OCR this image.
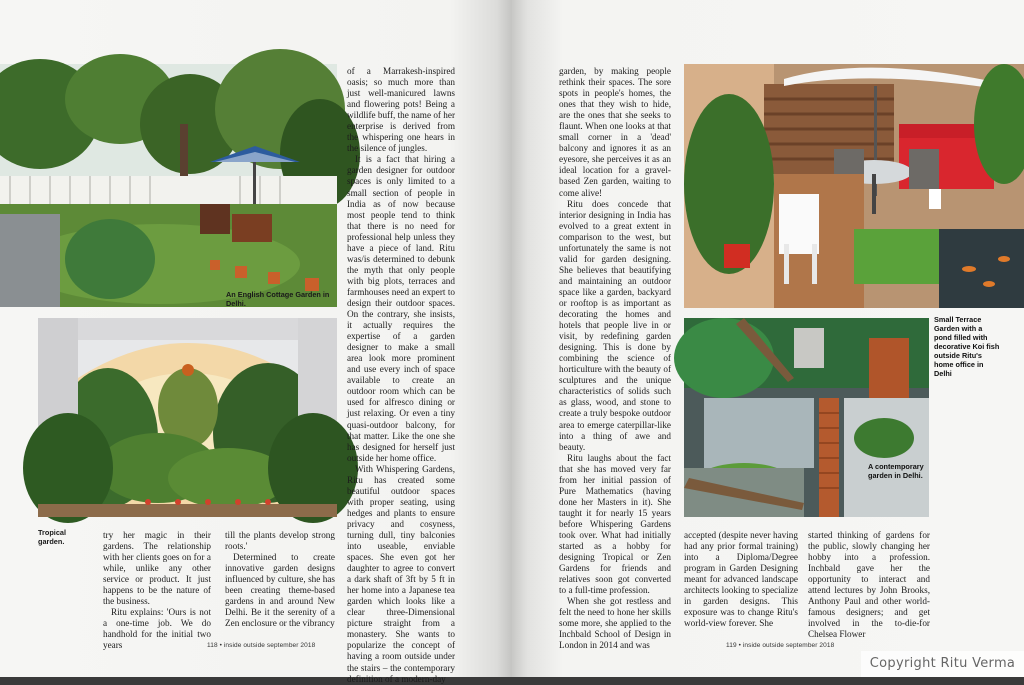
An English Cottage Garden in Delhi.
Tropical garden.

of a Marrakesh-inspired oasis; so much more than just well-manicured lawns and flowering pots! Being a wildlife buff, the name of her enterprise is derived from the whispering one hears in the silence of jungles.

It is a fact that hiring a garden designer for outdoor spaces is only limited to a small section of people in India as of now because most people tend to think that there is no need for professional help unless they have a piece of land. Ritu was/is determined to debunk the myth that only people with big plots, terraces and farmhouses need an expert to design their outdoor spaces. On the contrary, she insists, it actually requires the expertise of a garden designer to make a small area look more prominent and use every inch of space available to create an outdoor room which can be used for alfresco dining or just relaxing. Or even a tiny quasi-outdoor balcony, for that matter. Like the one she has designed for herself just outside her home office.

With Whispering Gardens, Ritu has created some beautiful outdoor spaces with proper seating, using hedges and plants to ensure privacy and cosyness, turning dull, tiny balconies into useable, enviable spaces. She even got her daughter to agree to convert a dark shaft of 3ft by 5 ft in her home into a Japanese tea garden which looks like a clear three-Dimensional picture straight from a monastery. She wants to popularize the concept of having a room outside under the stairs – the contemporary definition of a modern-day

try her magic in their gardens. The relationship with her clients goes on for a while, unlike any other service or product. It just happens to be the nature of the business.

Ritu explains: 'Ours is not a one-time job. We do handhold for the initial two years

till the plants develop strong roots.'

Determined to create innovative garden designs influenced by culture, she has been creating theme-based gardens in and around New Delhi. Be it the serenity of a Zen enclosure or the vibrancy

118 • inside outside september 2018

garden, by making people rethink their spaces. The sore spots in people's homes, the ones that they wish to hide, are the ones that she seeks to flaunt. When one looks at that small corner in a 'dead' balcony and ignores it as an eyesore, she perceives it as an ideal location for a gravel-based Zen garden, waiting to come alive!

Ritu does concede that interior designing in India has evolved to a great extent in comparison to the west, but unfortunately the same is not valid for garden designing. She believes that beautifying and maintaining an outdoor space like a garden, backyard or rooftop is as important as decorating the homes and hotels that people live in or visit, by redefining garden designing. This is done by combining the science of horticulture with the beauty of sculptures and the unique characteristics of solids such as glass, wood, and stone to create a truly bespoke outdoor area to emerge caterpillar-like into a thing of awe and beauty.

Ritu laughs about the fact that she has moved very far from her initial passion of Pure Mathematics (having done her Masters in it). She taught it for nearly 15 years before Whispering Gardens took over. What had initially started as a hobby for designing Tropical or Zen Gardens for friends and relatives soon got converted to a full-time profession.

When she got restless and felt the need to hone her skills some more, she applied to the Inchbald School of Design in London in 2014 and was

Small Terrace Garden with a pond filled with decorative Koi fish outside Ritu's home office in Delhi
A contemporary garden in Delhi.

accepted (despite never having had any prior formal training) into a Diploma/Degree program in Garden Designing meant for advanced landscape architects looking to specialize in garden designs. This exposure was to change Ritu's world-view forever. She

started thinking of gardens for the public, slowly changing her hobby into a profession. Inchbald gave her the opportunity to interact and attend lectures by John Brooks, Anthony Paul and other world-famous designers; and get involved in the to-die-for Chelsea Flower

119 • inside outside september 2018
Copyright Ritu Verma
